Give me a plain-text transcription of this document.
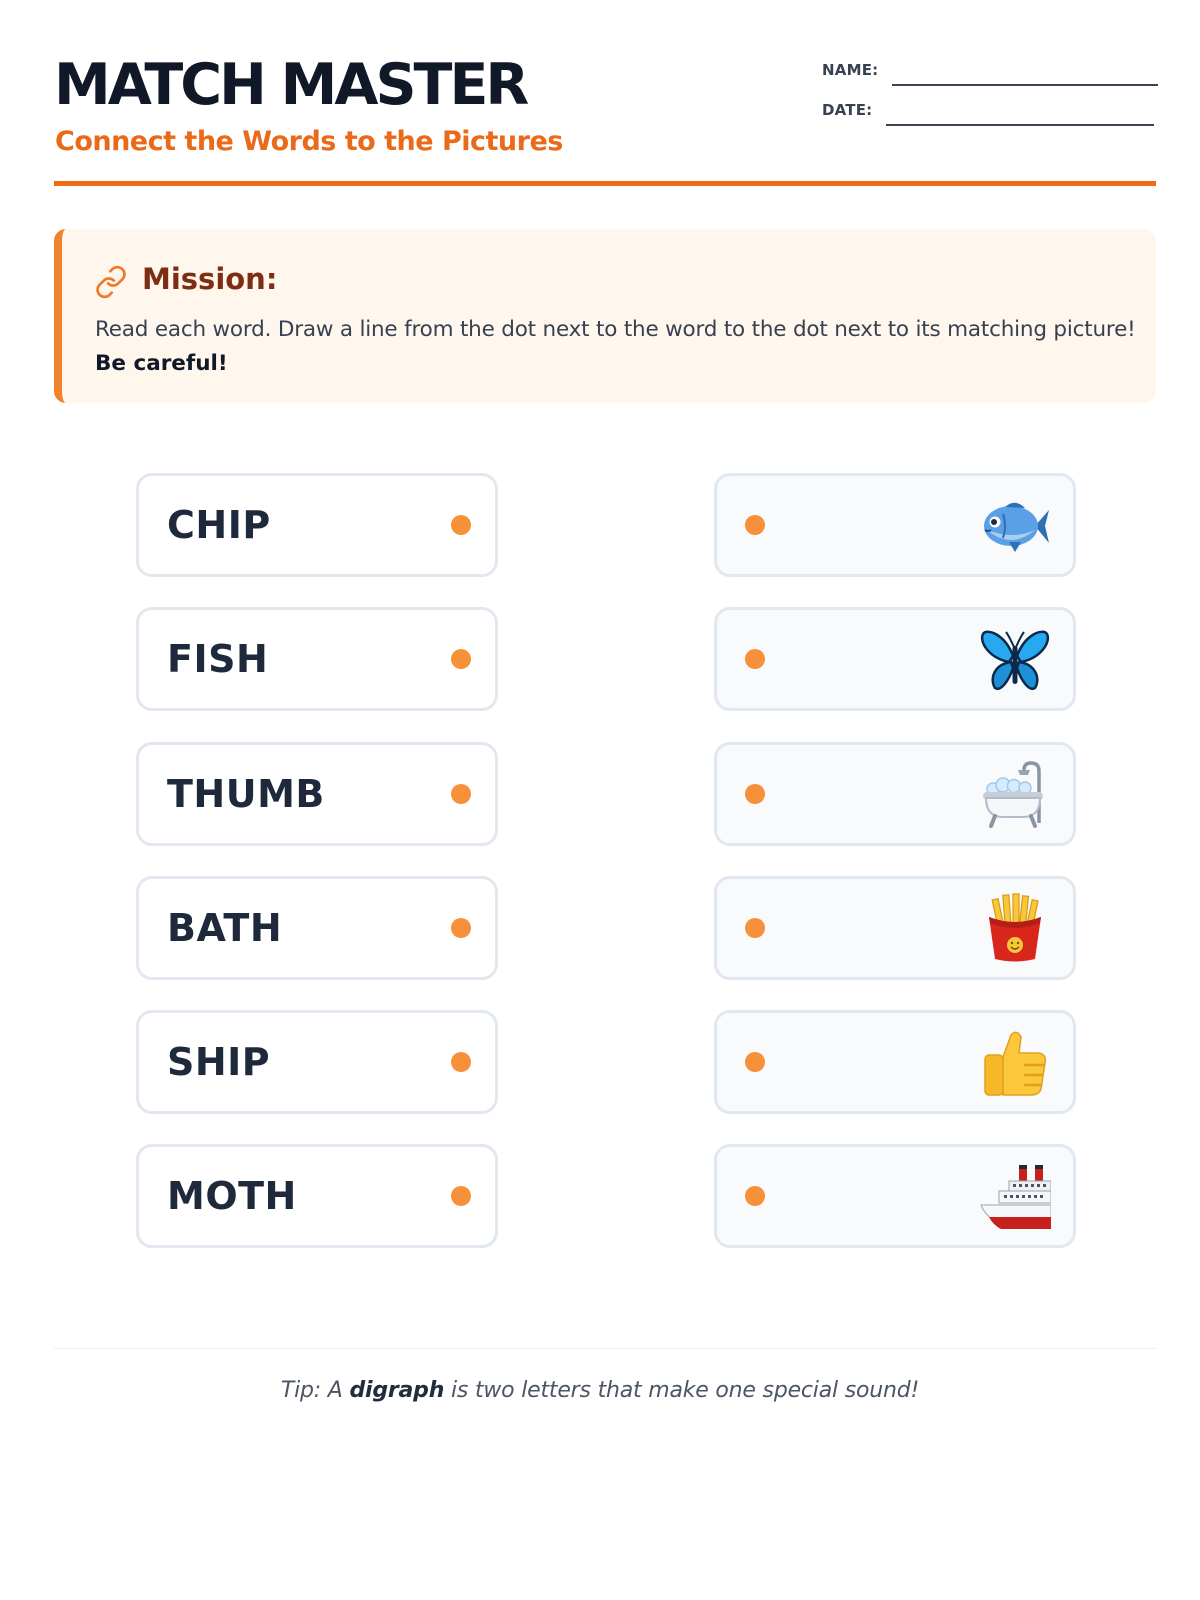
MATCH MASTER
Connect the Words to the Pictures
NAME:
DATE:
Mission:
Read each word. Draw a line from the dot next to the word to the dot next to its matching picture!
Be careful!
CHIP
FISH
THUMB
BATH
SHIP
MOTH
Tip: A digraph is two letters that make one special sound!
